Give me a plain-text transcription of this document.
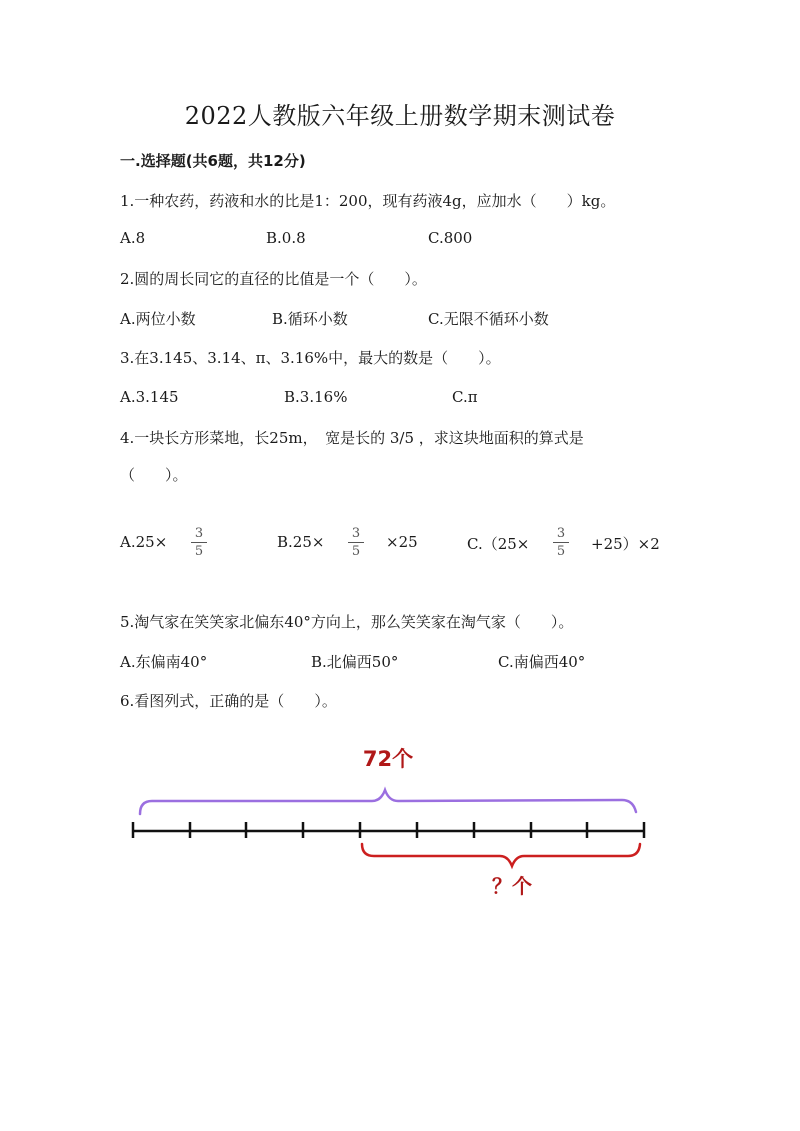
2022人教版六年级上册数学期末测试卷
一.选择题(共6题，共12分)
1.一种农药，药液和水的比是1：200，现有药液4g，应加水（　　）kg。
A.8	B.0.8	C.800
2.圆的周长同它的直径的比值是一个（　　）。
A.两位小数	B.循环小数	C.无限不循环小数
3.在3.145、3.14、π、3.16%中，最大的数是（　　）。
A.3.145	B.3.16%	C.π
4.一块长方形菜地，长25m，　宽是长的 3/5 ，求这块地面积的算式是
（　　）。
A.25× 3
5
B.25× 3
5
×25	C.（25×
3
5 +25）×2
5.淘气家在笑笑家北偏东40°方向上，那么笑笑家在淘气家（　　）。
A.东偏南40°	B.北偏西50°	C.南偏西40°
6.看图列式，正确的是（　　）。
72个
？个
